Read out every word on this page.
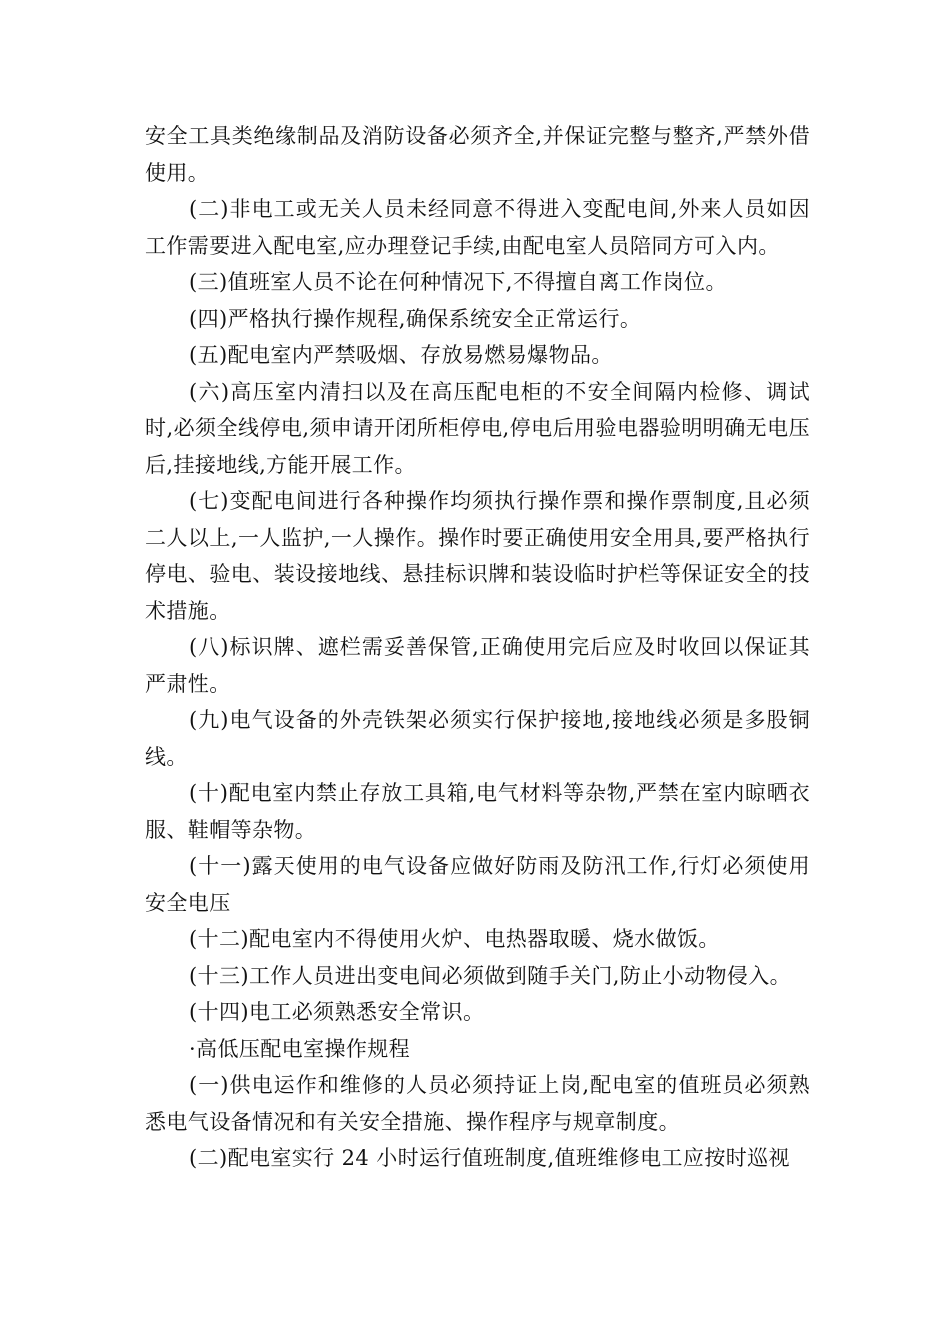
安全工具类绝缘制品及消防设备必须齐全,并保证完整与整齐,严禁外借使用。

(二)非电工或无关人员未经同意不得进入变配电间,外来人员如因工作需要进入配电室,应办理登记手续,由配电室人员陪同方可入内。

(三)值班室人员不论在何种情况下,不得擅自离工作岗位。

(四)严格执行操作规程,确保系统安全正常运行。

(五)配电室内严禁吸烟、存放易燃易爆物品。

(六)高压室内清扫以及在高压配电柜的不安全间隔内检修、调试时,必须全线停电,须申请开闭所柜停电,停电后用验电器验明明确无电压后,挂接地线,方能开展工作。

(七)变配电间进行各种操作均须执行操作票和操作票制度,且必须二人以上,一人监护,一人操作。操作时要正确使用安全用具,要严格执行停电、验电、装设接地线、悬挂标识牌和装设临时护栏等保证安全的技术措施。

(八)标识牌、遮栏需妥善保管,正确使用完后应及时收回以保证其严肃性。

(九)电气设备的外壳铁架必须实行保护接地,接地线必须是多股铜线。

(十)配电室内禁止存放工具箱,电气材料等杂物,严禁在室内晾晒衣服、鞋帽等杂物。

(十一)露天使用的电气设备应做好防雨及防汛工作,行灯必须使用安全电压

(十二)配电室内不得使用火炉、电热器取暖、烧水做饭。

(十三)工作人员进出变电间必须做到随手关门,防止小动物侵入。

(十四)电工必须熟悉安全常识。

·高低压配电室操作规程

(一)供电运作和维修的人员必须持证上岗,配电室的值班员必须熟悉电气设备情况和有关安全措施、操作程序与规章制度。

(二)配电室实行 24 小时运行值班制度,值班维修电工应按时巡视
